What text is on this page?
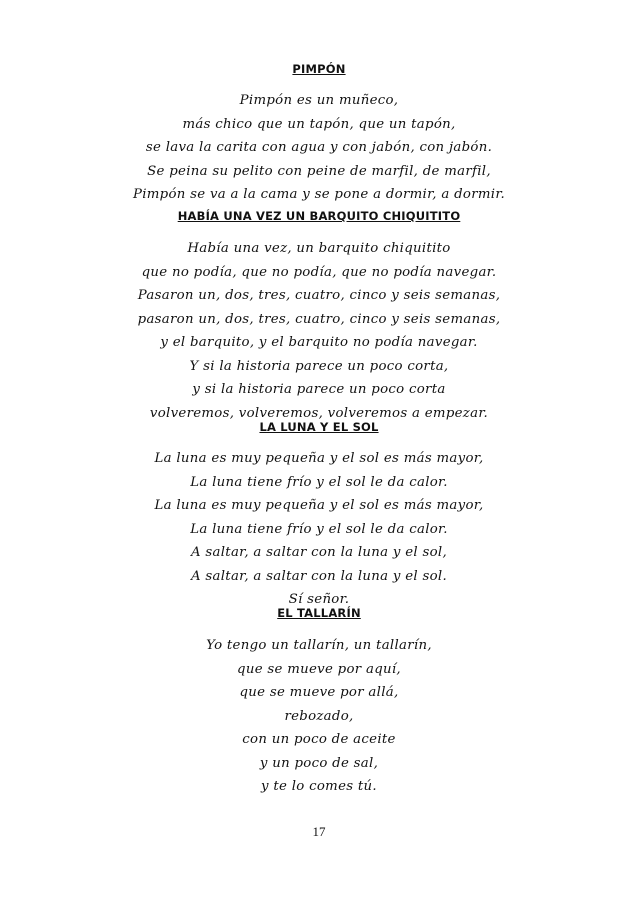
PIMPÓN
Pimpón es un muñeco,
más chico que un tapón, que un tapón,
se lava la carita con agua y con jabón, con jabón.
Se peina su pelito con peine de marfil, de marfil,
Pimpón se va a la cama y se pone a dormir, a dormir.
HABÍA UNA VEZ UN BARQUITO CHIQUITITO
Había una vez, un barquito chiquitito
que no podía, que no podía, que no podía navegar.
Pasaron un, dos, tres, cuatro, cinco y seis semanas,
pasaron un, dos, tres, cuatro, cinco y seis semanas,
y el barquito, y el barquito no podía navegar.
Y si la historia parece un poco corta,
y si la historia parece un poco corta
volveremos, volveremos, volveremos a empezar.
LA LUNA Y EL SOL
La luna es muy pequeña y el sol es más mayor,
La luna tiene frío y el sol le da calor.
La luna es muy pequeña y el sol es más mayor,
La luna tiene frío y el sol le da calor.
A saltar, a saltar con la luna y el sol,
A saltar, a saltar con la luna y el sol.
Sí señor.
EL TALLARÍN
Yo tengo un tallarín, un tallarín,
que se mueve por aquí,
que se mueve por allá,
rebozado,
con un poco de aceite
y un poco de sal,
y te lo comes tú.
17
